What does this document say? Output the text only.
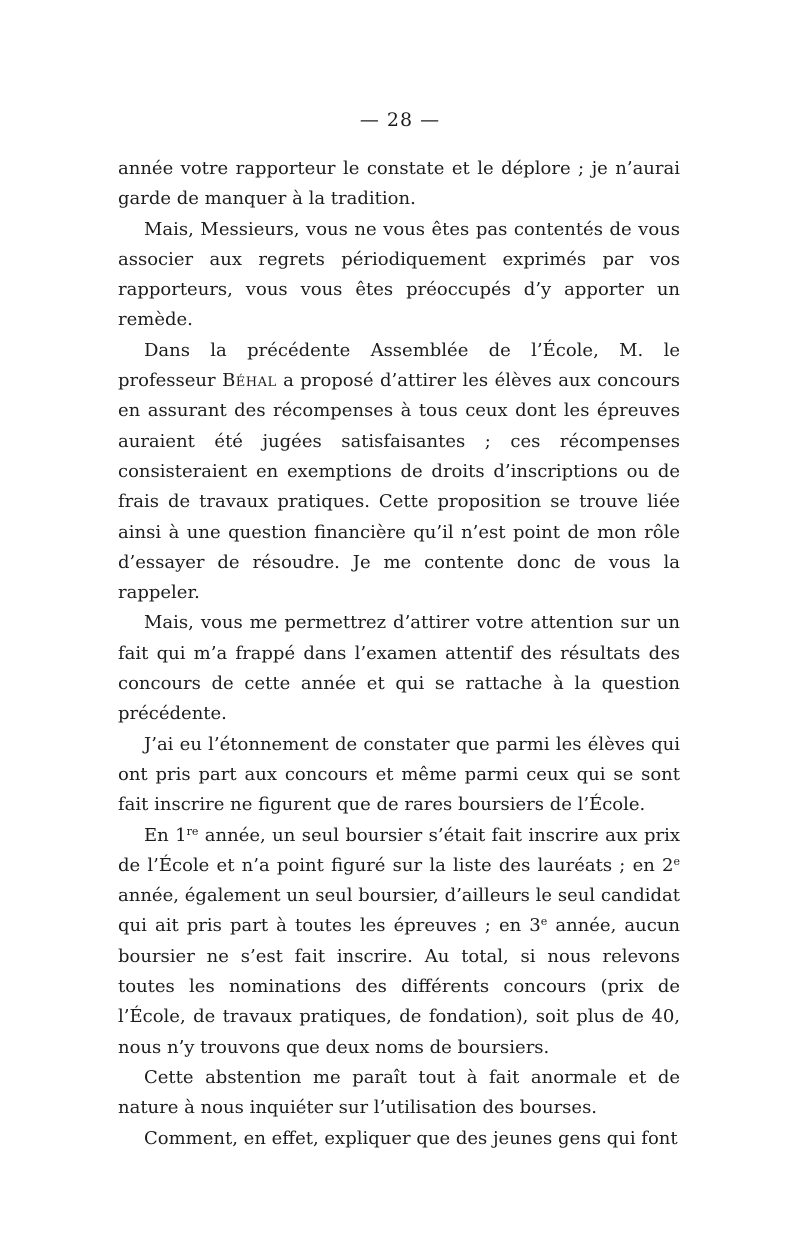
— 28 —

année votre rapporteur le constate et le déplore ; je n’aurai garde de manquer à la tradition.

Mais, Messieurs, vous ne vous êtes pas contentés de vous associer aux regrets périodiquement exprimés par vos rapporteurs, vous vous êtes préoccupés d’y apporter un remède.

Dans la précédente Assemblée de l’École, M. le professeur Béhal a proposé d’attirer les élèves aux concours en assurant des récompenses à tous ceux dont les épreuves auraient été jugées satisfaisantes ; ces récompenses consisteraient en exemptions de droits d’inscriptions ou de frais de travaux pratiques. Cette proposition se trouve liée ainsi à une question financière qu’il n’est point de mon rôle d’essayer de résoudre. Je me contente donc de vous la rappeler.

Mais, vous me permettrez d’attirer votre attention sur un fait qui m’a frappé dans l’examen attentif des résultats des concours de cette année et qui se rattache à la question précédente.

J’ai eu l’étonnement de constater que parmi les élèves qui ont pris part aux concours et même parmi ceux qui se sont fait inscrire ne figurent que de rares boursiers de l’École.

En 1re année, un seul boursier s’était fait inscrire aux prix de l’École et n’a point figuré sur la liste des lauréats ; en 2e année, également un seul boursier, d’ailleurs le seul candidat qui ait pris part à toutes les épreuves ; en 3e année, aucun boursier ne s’est fait inscrire. Au total, si nous relevons toutes les nominations des différents concours (prix de l’École, de travaux pratiques, de fondation), soit plus de 40, nous n’y trouvons que deux noms de boursiers.

Cette abstention me paraît tout à fait anormale et de nature à nous inquiéter sur l’utilisation des bourses.

Comment, en effet, expliquer que des jeunes gens qui font
